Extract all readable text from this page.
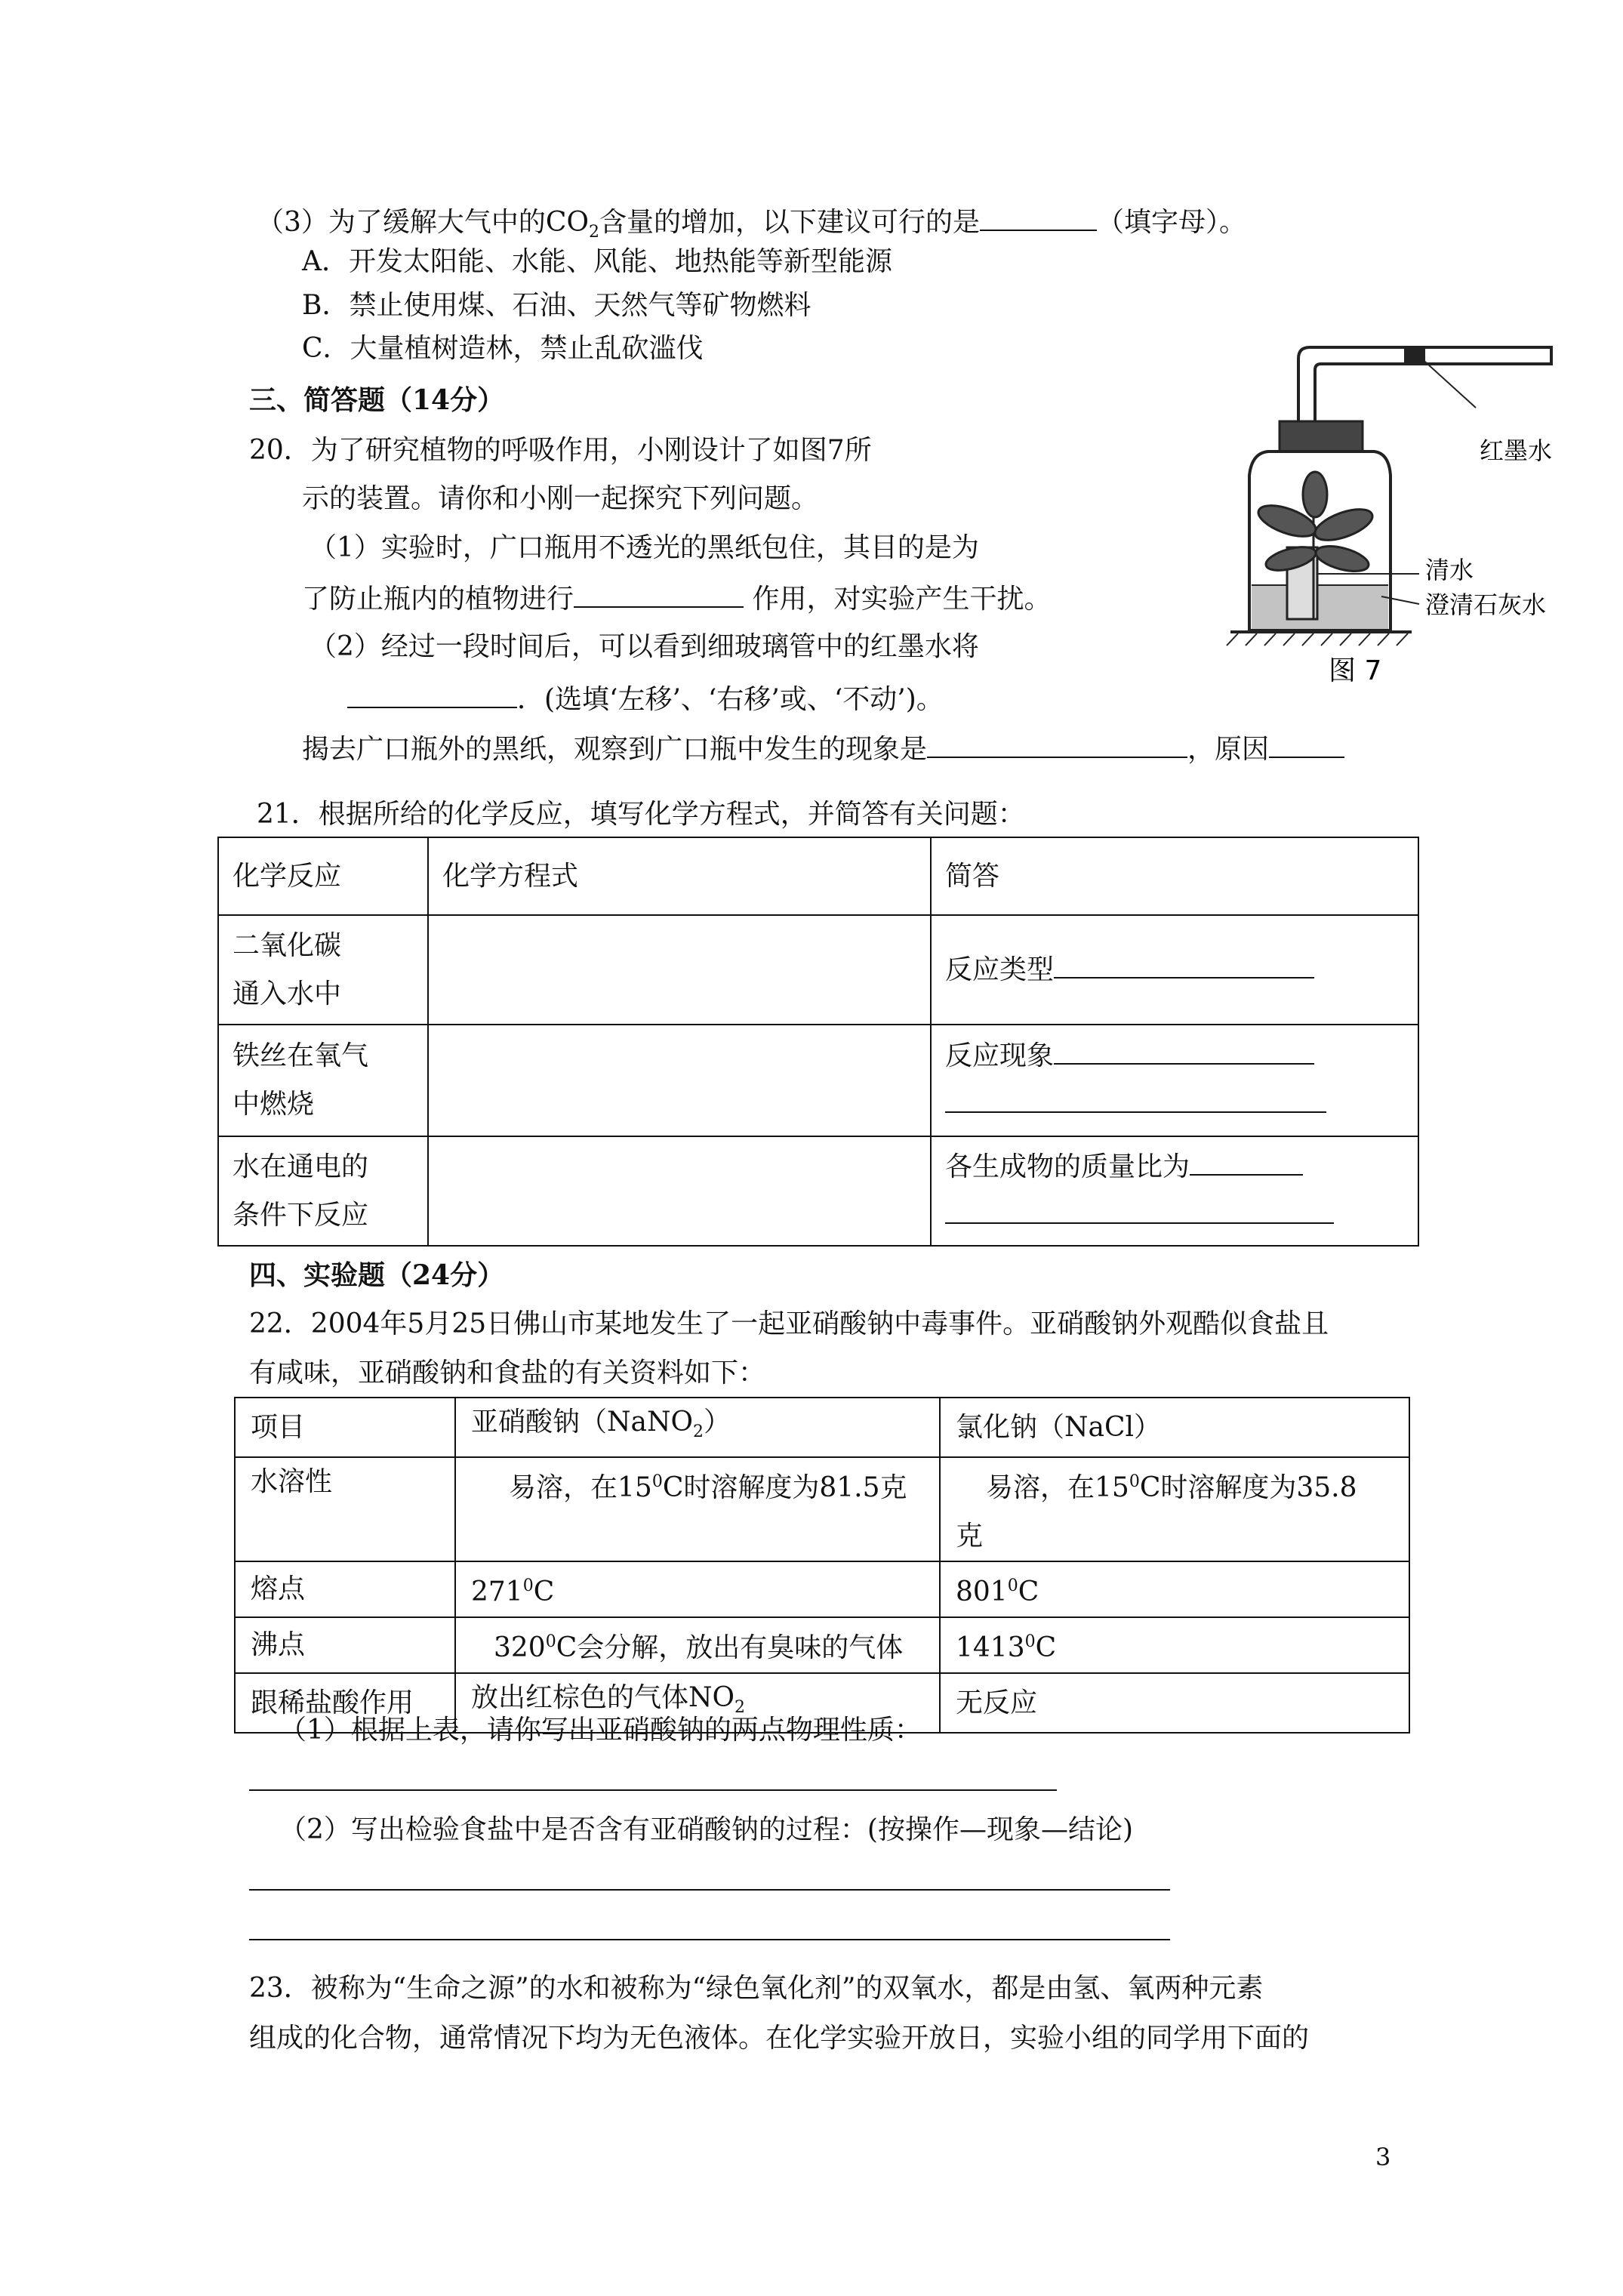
（3）为了缓解大气中的$CO_2$含量的增加，以下建议可行的是	（填字母）。
A．开发太阳能、水能、风能、地热能等新型能源
B．禁止使用煤、石油、天然气等矿物燃料
C．大量植树造林，禁止乱砍滥伐
三、简答题（14分）
20．为了研究植物的呼吸作用，小刚设计了如图7所
示的装置。请你和小刚一起探究下列问题。
（1）实验时，广口瓶用不透光的黑纸包住，其目的是为
了防止瓶内的植物进行	作用，对实验产生干扰。
（2）经过一段时间后，可以看到细玻璃管中的红墨水将
．(选填‘左移’、‘右移’或、‘不动’)。
揭去广口瓶外的黑纸，观察到广口瓶中发生的现象是	，原因
红墨水
清水
澄清石灰水
图 7
21．根据所给的化学反应，填写化学方程式，并简答有关问题：
化学反应	化学方程式	简答

二氧化碳
通入水中		反应类型

铁丝在氧气
中燃烧		反应现象

水在通电的
条件下反应		各生成物的质量比为
四、实验题（24分）
22．2004年5月25日佛山市某地发生了一起亚硝酸钠中毒事件。亚硝酸钠外观酷似食盐且
有咸味，亚硝酸钠和食盐的有关资料如下：
项目	亚硝酸钠（NaNO$_2$）	氯化钠（NaCl）
水溶性	易溶，在$15^0C$时溶解度为81.5克	易溶，在$15^0C$时溶解度为35.8
克

熔点	$271^0C$	$801^0C$
沸点	$320^0C$会分解，放出有臭味的气体	1413$^0$C
跟稀盐酸作用	放出红棕色的气体$NO_2$	无反应
（1）根据上表，请你写出亚硝酸钠的两点物理性质：
（2）写出检验食盐中是否含有亚硝酸钠的过程：(按操作—现象—结论)
23．被称为“生命之源”的水和被称为“绿色氧化剂”的双氧水，都是由氢、氧两种元素
组成的化合物，通常情况下均为无色液体。在化学实验开放日，实验小组的同学用下面的
3
